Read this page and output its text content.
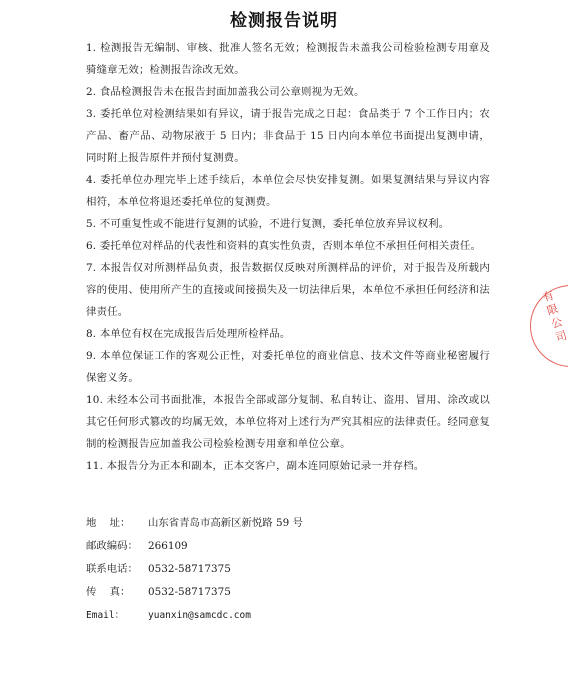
检测报告说明

1. 检测报告无编制、审核、批准人签名无效；检测报告未盖我公司检验检测专用章及骑缝章无效；检测报告涂改无效。

2. 食品检测报告未在报告封面加盖我公司公章则视为无效。

3. 委托单位对检测结果如有异议，请于报告完成之日起：食品类于 7 个工作日内；农产品、畜产品、动物尿液于 5 日内；非食品于 15 日内向本单位书面提出复测申请，同时附上报告原件并预付复测费。

4. 委托单位办理完毕上述手续后，本单位会尽快安排复测。如果复测结果与异议内容相符，本单位将退还委托单位的复测费。

5. 不可重复性或不能进行复测的试验，不进行复测，委托单位放弃异议权利。

6. 委托单位对样品的代表性和资料的真实性负责，否则本单位不承担任何相关责任。

7. 本报告仅对所测样品负责，报告数据仅反映对所测样品的评价，对于报告及所载内容的使用、使用所产生的直接或间接损失及一切法律后果，本单位不承担任何经济和法律责任。

8. 本单位有权在完成报告后处理所检样品。

9. 本单位保证工作的客观公正性，对委托单位的商业信息、技术文件等商业秘密履行保密义务。

10. 未经本公司书面批准，本报告全部或部分复制、私自转让、盗用、冒用、涂改或以其它任何形式篡改的均属无效，本单位将对上述行为严究其相应的法律责任。经同意复制的检测报告应加盖我公司检验检测专用章和单位公章。

11. 本报告分为正本和副本，正本交客户，副本连同原始记录一并存档。

地    址： 山东省青岛市高新区新悦路 59 号
邮政编码： 266109
联系电话： 0532-58717375
传    真： 0532-58717375
Email：	yuanxin@samcdc.com
有限公司
